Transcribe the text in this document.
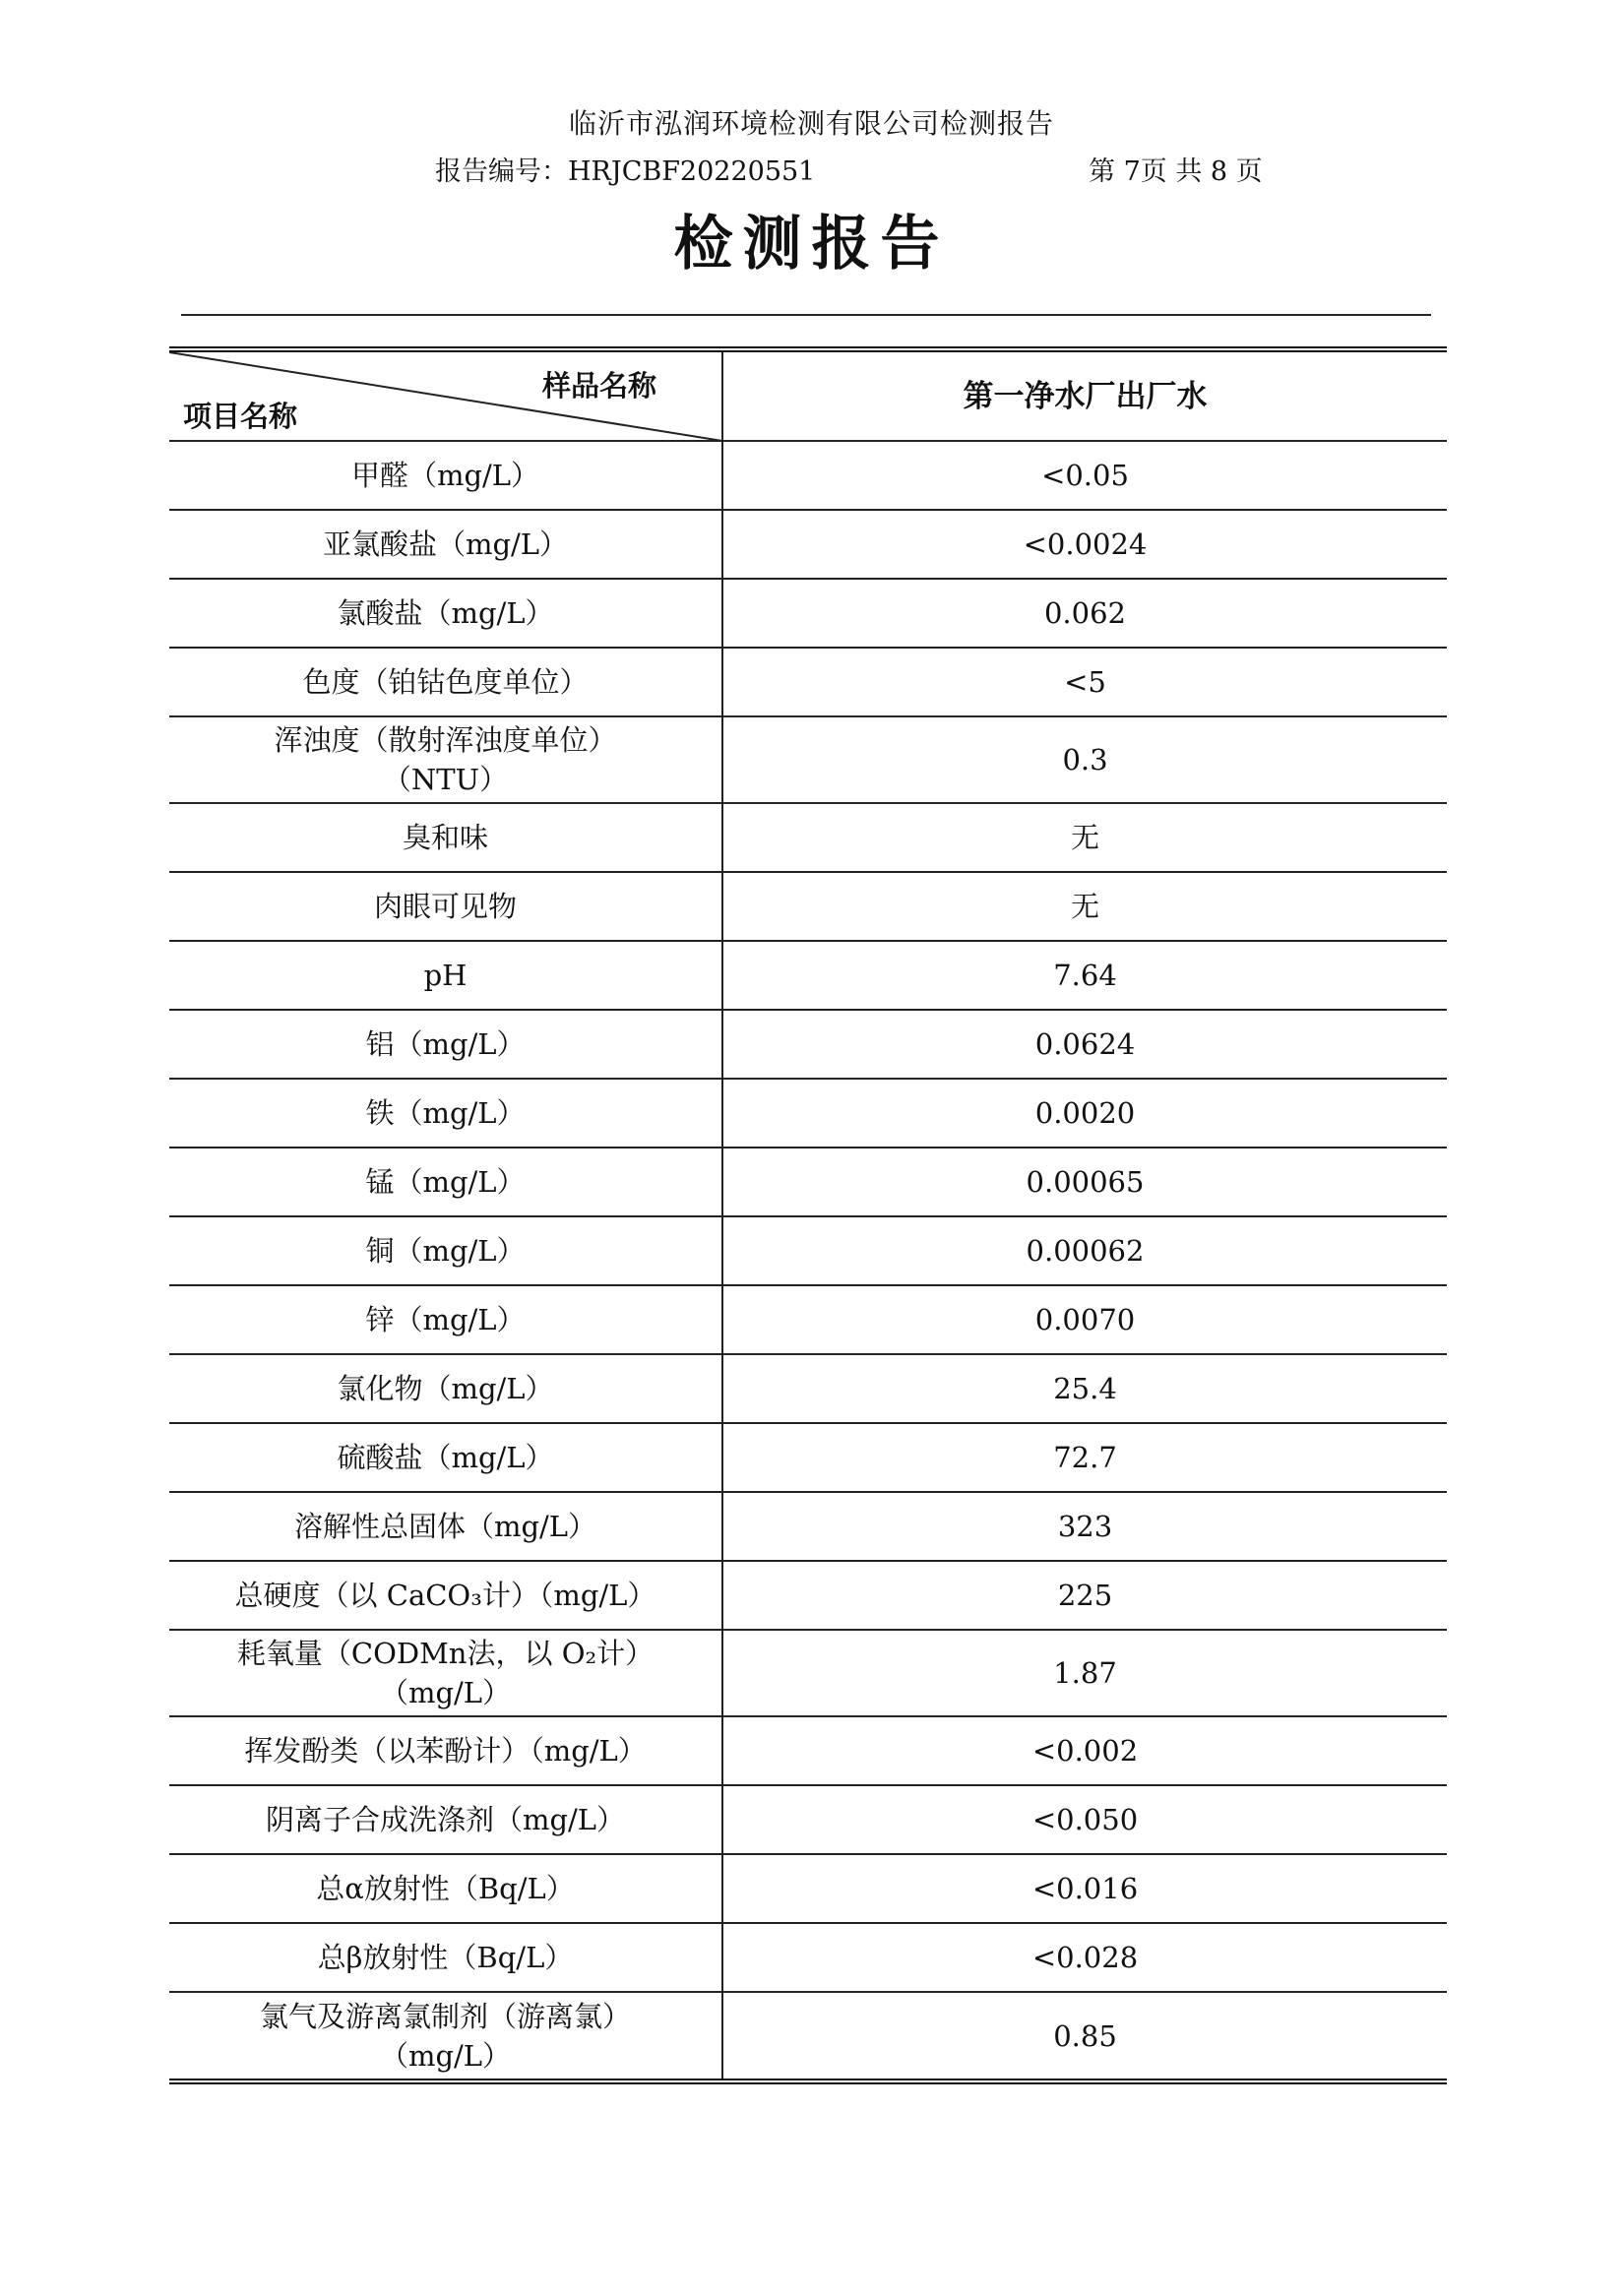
临沂市泓润环境检测有限公司检测报告
报告编号：HRJCBF20220551	第 7页 共 8 页
检测报告
样品名称
项目名称	第一净水厂出厂水

甲醛（mg/L）	<0.05

亚氯酸盐（mg/L）	<0.0024

氯酸盐（mg/L）	0.062

色度（铂钴色度单位）	<5

浑浊度（散射浑浊度单位）
（NTU）	0.3

臭和味	无

肉眼可见物	无

pH	7.64

铝（mg/L）	0.0624

铁（mg/L）	0.0020

锰（mg/L）	0.00065

铜（mg/L）	0.00062

锌（mg/L）	0.0070

氯化物（mg/L）	25.4

硫酸盐（mg/L）	72.7

溶解性总固体（mg/L）	323

总硬度（以 CaCO₃计）（mg/L）	225

耗氧量（CODMn法，以 O₂计）
（mg/L）	1.87

挥发酚类（以苯酚计）（mg/L）	<0.002

阴离子合成洗涤剂（mg/L）	<0.050

总α放射性（Bq/L）	<0.016

总β放射性（Bq/L）	<0.028

氯气及游离氯制剂（游离氯）
（mg/L）	0.85
